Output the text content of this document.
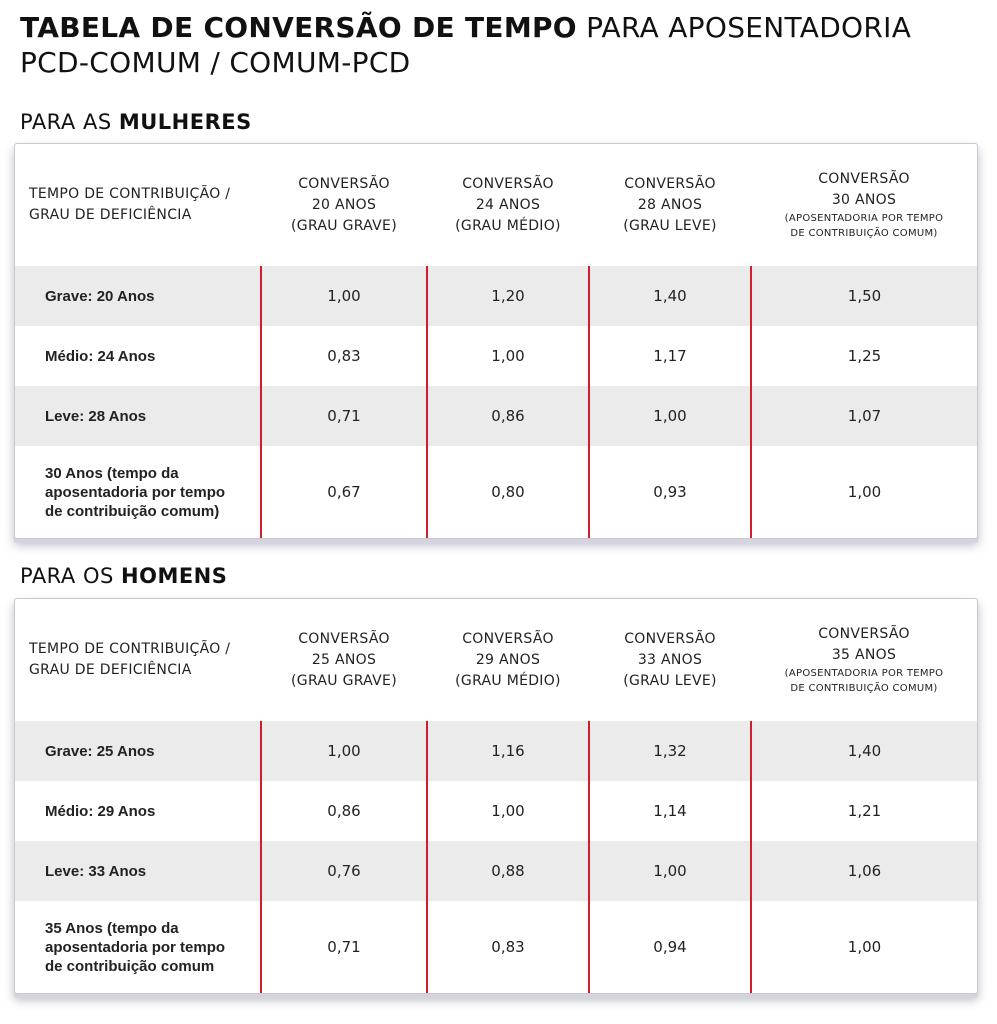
TABELA DE CONVERSÃO DE TEMPO PARA APOSENTADORIA
PCD-COMUM / COMUM-PCD
PARA AS MULHERES
TEMPO DE CONTRIBUIÇÃO /
GRAU DE DEFICIÊNCIA	CONVERSÃO
20 ANOS
(GRAU GRAVE)	CONVERSÃO
24 ANOS
(GRAU MÉDIO)	CONVERSÃO
28 ANOS
(GRAU LEVE)	CONVERSÃO
30 ANOS
(APOSENTADORIA POR TEMPO
DE CONTRIBUIÇÃO COMUM)

Grave: 20 Anos	1,00	1,20	1,40	1,50
Médio: 24 Anos	0,83	1,00	1,17	1,25
Leve: 28 Anos	0,71	0,86	1,00	1,07
30 Anos (tempo da
aposentadoria por tempo
de contribuição comum)	0,67	0,80	0,93	1,00
PARA OS HOMENS
TEMPO DE CONTRIBUIÇÃO /
GRAU DE DEFICIÊNCIA	CONVERSÃO
25 ANOS
(GRAU GRAVE)	CONVERSÃO
29 ANOS
(GRAU MÉDIO)	CONVERSÃO
33 ANOS
(GRAU LEVE)	CONVERSÃO
35 ANOS
(APOSENTADORIA POR TEMPO
DE CONTRIBUIÇÃO COMUM)

Grave: 25 Anos	1,00	1,16	1,32	1,40
Médio: 29 Anos	0,86	1,00	1,14	1,21
Leve: 33 Anos	0,76	0,88	1,00	1,06
35 Anos (tempo da
aposentadoria por tempo
de contribuição comum	0,71	0,83	0,94	1,00
